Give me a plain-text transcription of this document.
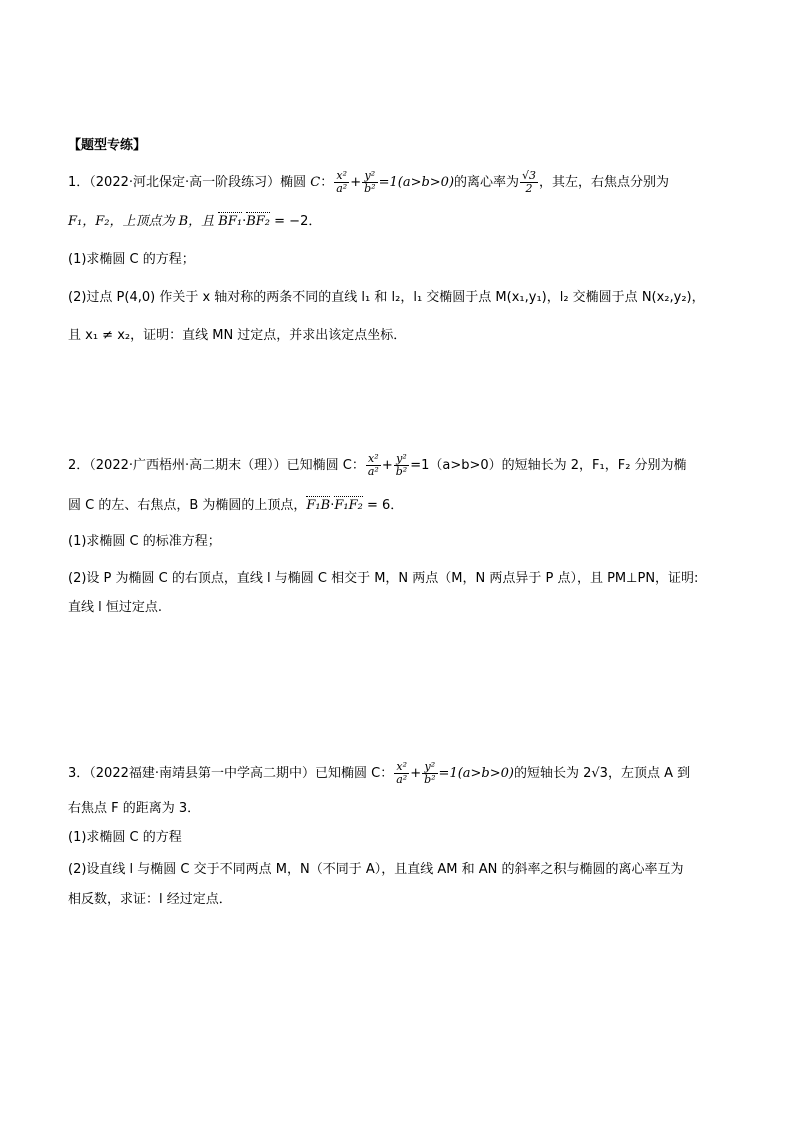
【题型专练】
1．（2022·河北保定·高一阶段练习）椭圆 C： $\frac{\text{x²}}{\text{a²}} + \frac{\text{y²}}{\text{b²}} =1(a>b>0)$的离心率为 $\frac{√3}{2}$ ，其左，右焦点分别为
F₁，F₂，上顶点为 B，且 BF₁·BF₂ = −2．
(1)求椭圆 C 的方程；
(2)过点 P(4,0) 作关于 x 轴对称的两条不同的直线 l₁ 和 l₂，l₁ 交椭圆于点 M(x₁,y₁)，l₂ 交椭圆于点 N(x₂,y₂)，
且 x₁ ≠ x₂，证明：直线 MN 过定点，并求出该定点坐标．
2．（2022·广西梧州·高二期末（理））已知椭圆 C： $\frac{\text{x²}}{\text{a²}} + \frac{\text{y²}}{\text{b²}} =1(a>b>0)$的短轴长为 2，F₁，F₂ 分别为椭
圆 C 的左、右焦点，B 为椭圆的上顶点，F₁B·F₁F₂ = 6．
(1)求椭圆 C 的标准方程；
(2)设 P 为椭圆 C 的右顶点，直线 l 与椭圆 C 相交于 M，N 两点（M，N 两点异于 P 点），且 PM⊥PN，证明:
直线 l 恒过定点.
3．（2022福建·南靖县第一中学高二期中）已知椭圆 C： $\frac{\text{x²}}{\text{a²}} + \frac{\text{y²}}{\text{b²}} =1(a>b>0)$的短轴长为 2√3，左顶点 A 到
右焦点 F 的距离为 3．
(1)求椭圆 C 的方程
(2)设直线 l 与椭圆 C 交于不同两点 M，N（不同于 A），且直线 AM 和 AN 的斜率之积与椭圆的离心率互为
相反数，求证：l 经过定点．
